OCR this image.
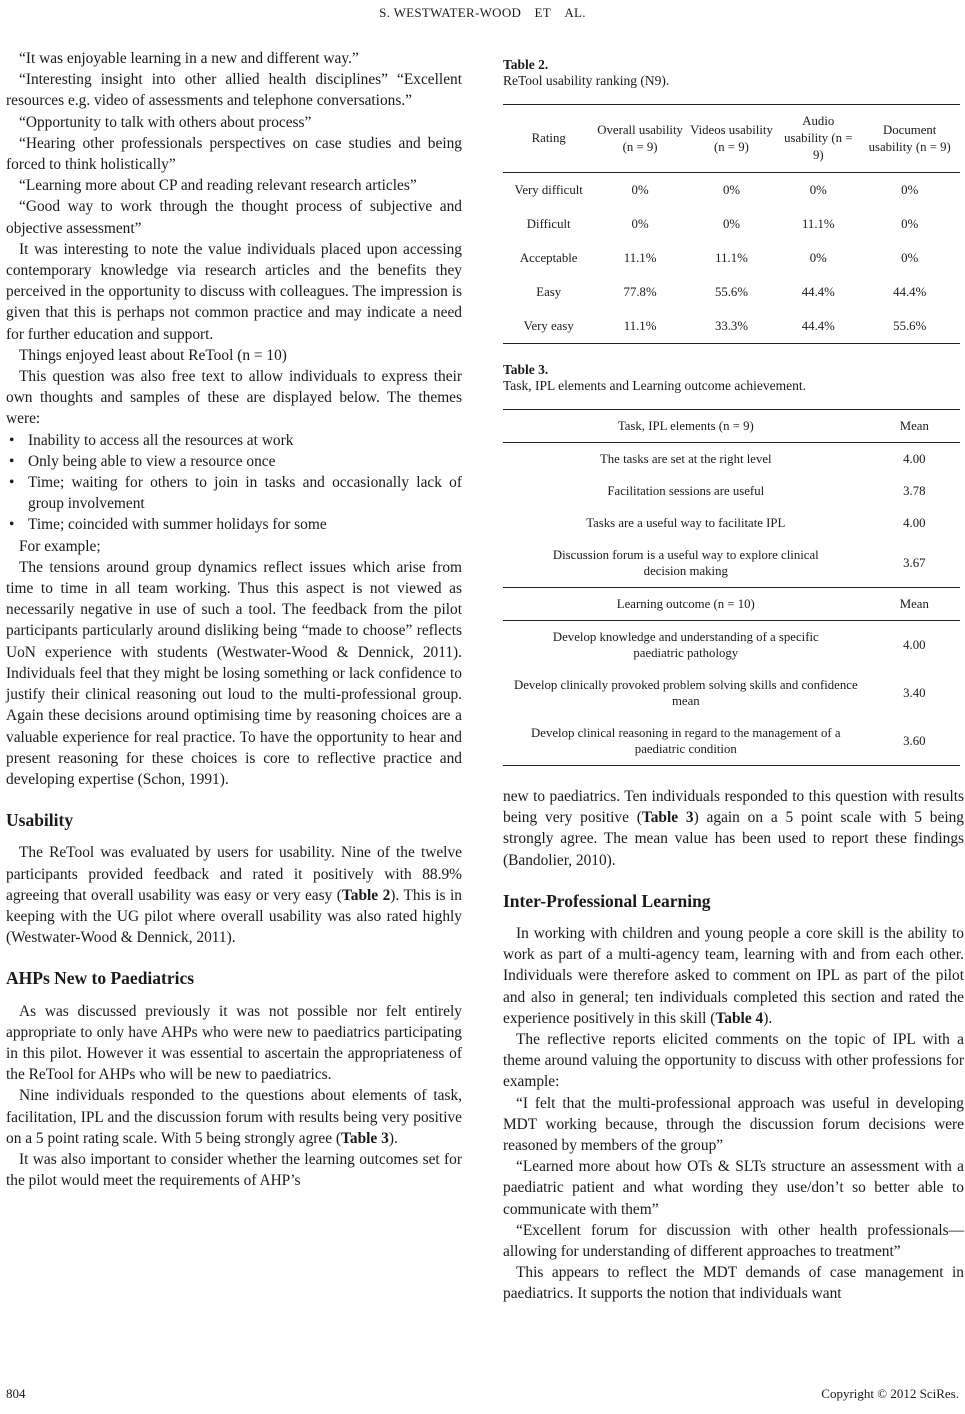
S. WESTWATER-WOOD ET AL.

“It was enjoyable learning in a new and different way.”

“Interesting insight into other allied health disciplines” “Excellent resources e.g. video of assessments and telephone conversations.”

“Opportunity to talk with others about process”

“Hearing other professionals perspectives on case studies and being forced to think holistically”

“Learning more about CP and reading relevant research articles”

“Good way to work through the thought process of subjective and objective assessment”

It was interesting to note the value individuals placed upon accessing contemporary knowledge via research articles and the benefits they perceived in the opportunity to discuss with colleagues. The impression is given that this is perhaps not common practice and may indicate a need for further education and support.

Things enjoyed least about ReTool (n = 10)

This question was also free text to allow individuals to express their own thoughts and samples of these are displayed below. The themes were:

• Inability to access all the resources at work
• Only being able to view a resource once
• Time; waiting for others to join in tasks and occasionally lack of group involvement
• Time; coincided with summer holidays for some

For example;

The tensions around group dynamics reflect issues which arise from time to time in all team working. Thus this aspect is not viewed as necessarily negative in use of such a tool. The feedback from the pilot participants particularly around disliking being “made to choose” reflects UoN experience with students (Westwater-Wood & Dennick, 2011). Individuals feel that they might be losing something or lack confidence to justify their clinical reasoning out loud to the multi-professional group. Again these decisions around optimising time by reasoning choices are a valuable experience for real practice. To have the opportunity to hear and present reasoning for these choices is core to reflective practice and developing expertise (Schon, 1991).

Usability

The ReTool was evaluated by users for usability. Nine of the twelve participants provided feedback and rated it positively with 88.9% agreeing that overall usability was easy or very easy (Table 2). This is in keeping with the UG pilot where overall usability was also rated highly (Westwater-Wood & Dennick, 2011).

AHPs New to Paediatrics

As was discussed previously it was not possible nor felt entirely appropriate to only have AHPs who were new to paediatrics participating in this pilot. However it was essential to ascertain the appropriateness of the ReTool for AHPs who will be new to paediatrics.

Nine individuals responded to the questions about elements of task, facilitation, IPL and the discussion forum with results being very positive on a 5 point rating scale. With 5 being strongly agree (Table 3).

It was also important to consider whether the learning outcomes set for the pilot would meet the requirements of AHP’s

Table 2.
ReTool usability ranking (N9).
Rating	Overall usability (n = 9)	Videos usability (n = 9)	Audio usability (n = 9)	Document usability (n = 9)
Very difficult	0%	0%	0%	0%
Difficult	0%	0%	11.1%	0%
Acceptable	11.1%	11.1%	0%	0%
Easy	77.8%	55.6%	44.4%	44.4%
Very easy	11.1%	33.3%	44.4%	55.6%
Table 3.
Task, IPL elements and Learning outcome achievement.
Task, IPL elements (n = 9)	Mean
The tasks are set at the right level	4.00
Facilitation sessions are useful	3.78
Tasks are a useful way to facilitate IPL	4.00
Discussion forum is a useful way to explore clinical decision making	3.67
Learning outcome (n = 10)	Mean
Develop knowledge and understanding of a specific paediatric pathology	4.00
Develop clinically provoked problem solving skills and confidence mean	3.40
Develop clinical reasoning in regard to the management of a paediatric condition	3.60

new to paediatrics. Ten individuals responded to this question with results being very positive (Table 3) again on a 5 point scale with 5 being strongly agree. The mean value has been used to report these findings (Bandolier, 2010).

Inter-Professional Learning

In working with children and young people a core skill is the ability to work as part of a multi-agency team, learning with and from each other. Individuals were therefore asked to comment on IPL as part of the pilot and also in general; ten individuals completed this section and rated the experience positively in this skill (Table 4).

The reflective reports elicited comments on the topic of IPL with a theme around valuing the opportunity to discuss with other professions for example:

“I felt that the multi-professional approach was useful in developing MDT working because, through the discussion forum decisions were reasoned by members of the group”

“Learned more about how OTs & SLTs structure an assessment with a paediatric patient and what wording they use/don’t so better able to communicate with them”

“Excellent forum for discussion with other health professionals—allowing for understanding of different approaches to treatment”

This appears to reflect the MDT demands of case management in paediatrics. It supports the notion that individuals want

804	Copyright © 2012 SciRes.
